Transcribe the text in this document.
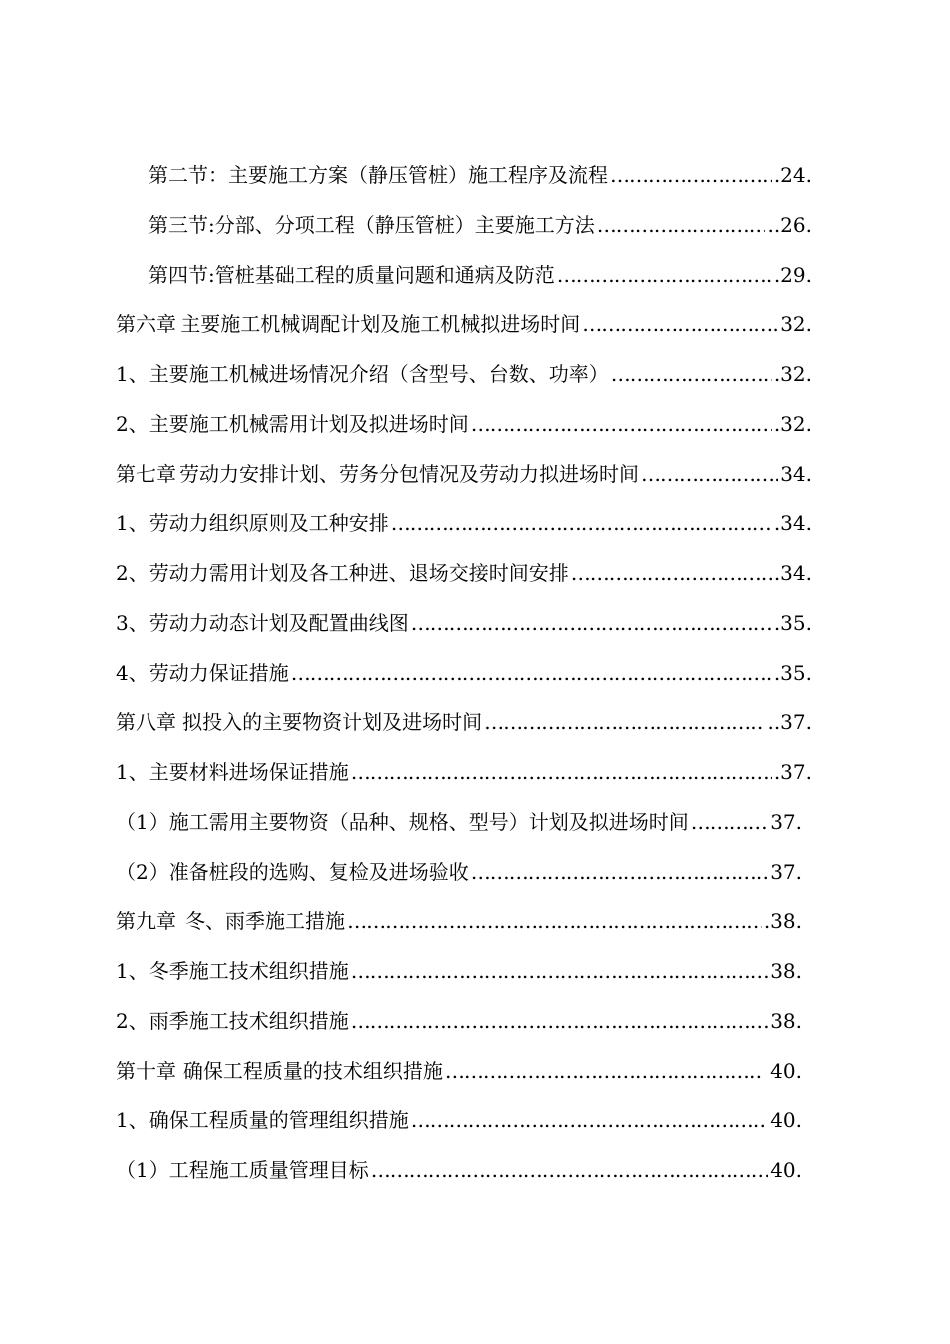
第二节：主要施工方案（静压管桩）施工程序及流程 ……………………………………………………………………………………………………………………………………………	.24.
第三节:分部、分项工程（静压管桩）主要施工方法 ……………………………………………………………………………………………………………………………………………	..26.
第四节:管桩基础工程的质量问题和通病及防范 ……………………………………………………………………………………………………………………………………………	.29.
第六章 主要施工机械调配计划及施工机械拟进场时间 ……………………………………………………………………………………………………………………………………………	32.
1、主要施工机械进场情况介绍（含型号、台数、功率） ……………………………………………………………………………………………………………………………………………	.32.
2、主要施工机械需用计划及拟进场时间 ……………………………………………………………………………………………………………………………………………	.32.
第七章 劳动力安排计划、劳务分包情况及劳动力拟进场时间 ……………………………………………………………………………………………………………………………………………	34.
1、劳动力组织原则及工种安排 ……………………………………………………………………………………………………………………………………………	.34.
2、劳动力需用计划及各工种进、退场交接时间安排 ……………………………………………………………………………………………………………………………………………	.34.
3、劳动力动态计划及配置曲线图 ……………………………………………………………………………………………………………………………………………	.35.
4、劳动力保证措施 ……………………………………………………………………………………………………………………………………………	.35.
第八章 拟投入的主要物资计划及进场时间 ……………………………………………………………………………………………………………………………………………	..37.
1、主要材料进场保证措施 ……………………………………………………………………………………………………………………………………………	.37.
（1）施工需用主要物资（品种、规格、型号）计划及拟进场时间 ……………………………………………………………………………………………………………………………………………	37.
（2）准备桩段的选购、复检及进场验收 ……………………………………………………………………………………………………………………………………………	37.
第九章 冬、雨季施工措施 ……………………………………………………………………………………………………………………………………………	.38.
1、冬季施工技术组织措施 ……………………………………………………………………………………………………………………………………………	38.
2、雨季施工技术组织措施 ……………………………………………………………………………………………………………………………………………	38.
第十章 确保工程质量的技术组织措施 ……………………………………………………………………………………………………………………………………………	40.
1、确保工程质量的管理组织措施 ……………………………………………………………………………………………………………………………………………	40.
（1）工程施工质量管理目标 ……………………………………………………………………………………………………………………………………………	40.
